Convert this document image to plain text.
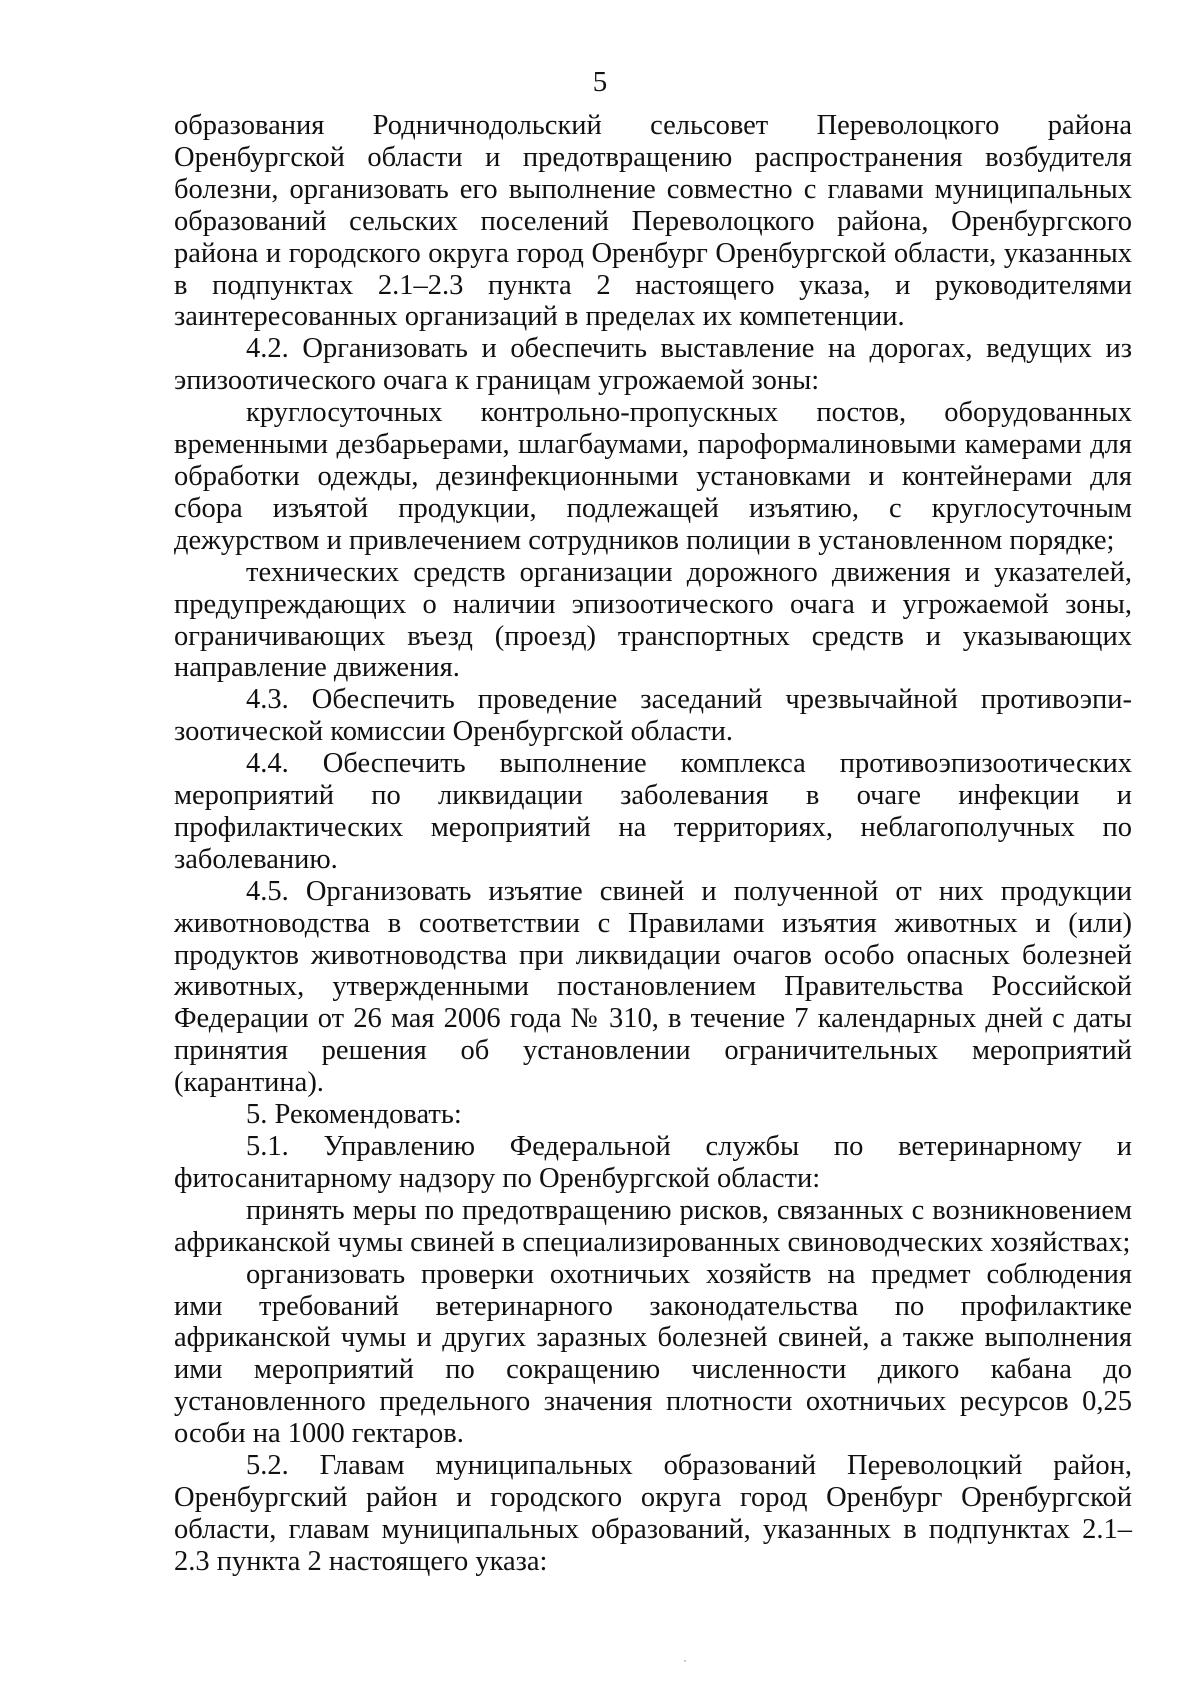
5

образования Родничнодольский сельсовет Переволоцкого района Оренбургской области и предотвращению распространения возбудителя болезни, организовать его выполнение совместно с главами муниципальных образований сельских поселений Переволоцкого района, Оренбургского района и городского округа город Оренбург Оренбургской области, указанных в подпунктах 2.1–2.3 пункта 2 настоящего указа, и руководителями заинтересованных организаций в пределах их компетенции.

4.2. Организовать и обеспечить выставление на дорогах, ведущих из эпизоотического очага к границам угрожаемой зоны:

круглосуточных контрольно-пропускных постов, оборудованных временными дезбарьерами, шлагбаумами, пароформалиновыми камерами для обработки одежды, дезинфекционными установками и контейнерами для сбора изъятой продукции, подлежащей изъятию, с круглосуточным дежурством и привлечением сотрудников полиции в установленном порядке;

технических средств организации дорожного движения и указателей, предупреждающих о наличии эпизоотического очага и угрожаемой зоны, ограничивающих въезд (проезд) транспортных средств и указывающих направление движения.

4.3. Обеспечить проведение заседаний чрезвычайной противоэпи-зоотической комиссии Оренбургской области.

4.4. Обеспечить выполнение комплекса противоэпизоотических мероприятий по ликвидации заболевания в очаге инфекции и профилактических мероприятий на территориях, неблагополучных по заболеванию.

4.5. Организовать изъятие свиней и полученной от них продукции животноводства в соответствии с Правилами изъятия животных и (или) продуктов животноводства при ликвидации очагов особо опасных болезней животных, утвержденными постановлением Правительства Российской Федерации от 26 мая 2006 года № 310, в течение 7 календарных дней с даты принятия решения об установлении ограничительных мероприятий (карантина).

5. Рекомендовать:

5.1. Управлению Федеральной службы по ветеринарному и фитосанитарному надзору по Оренбургской области:

принять меры по предотвращению рисков, связанных с возникновением африканской чумы свиней в специализированных свиноводческих хозяйствах;

организовать проверки охотничьих хозяйств на предмет соблюдения ими требований ветеринарного законодательства по профилактике африканской чумы и других заразных болезней свиней, а также выполнения ими мероприятий по сокращению численности дикого кабана до установленного предельного значения плотности охотничьих ресурсов 0,25 особи на 1000 гектаров.

5.2. Главам муниципальных образований Переволоцкий район, Оренбургский район и городского округа город Оренбург Оренбургской области, главам муниципальных образований, указанных в подпунктах 2.1–2.3 пункта 2 настоящего указа:
